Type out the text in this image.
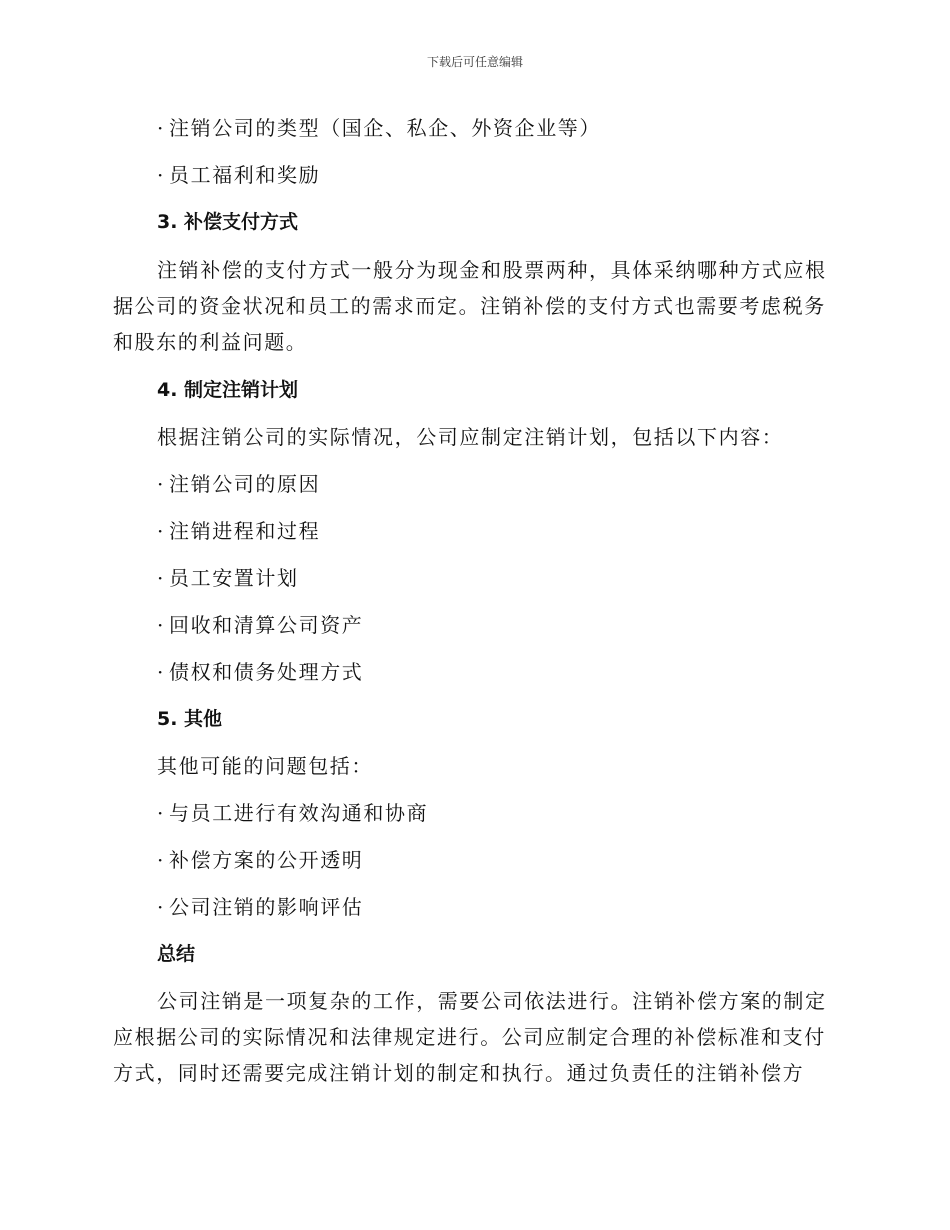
下载后可任意编辑
· 注销公司的类型（国企、私企、外资企业等）
· 员工福利和奖励
3. 补偿支付方式
注销补偿的支付方式一般分为现金和股票两种，具体采纳哪种方式应根
据公司的资金状况和员工的需求而定。注销补偿的支付方式也需要考虑税务
和股东的利益问题。
4. 制定注销计划
根据注销公司的实际情况，公司应制定注销计划，包括以下内容：
· 注销公司的原因
· 注销进程和过程
· 员工安置计划
· 回收和清算公司资产
· 债权和债务处理方式
5. 其他
其他可能的问题包括：
· 与员工进行有效沟通和协商
· 补偿方案的公开透明
· 公司注销的影响评估
总结
公司注销是一项复杂的工作，需要公司依法进行。注销补偿方案的制定
应根据公司的实际情况和法律规定进行。公司应制定合理的补偿标准和支付
方式，同时还需要完成注销计划的制定和执行。通过负责任的注销补偿方
